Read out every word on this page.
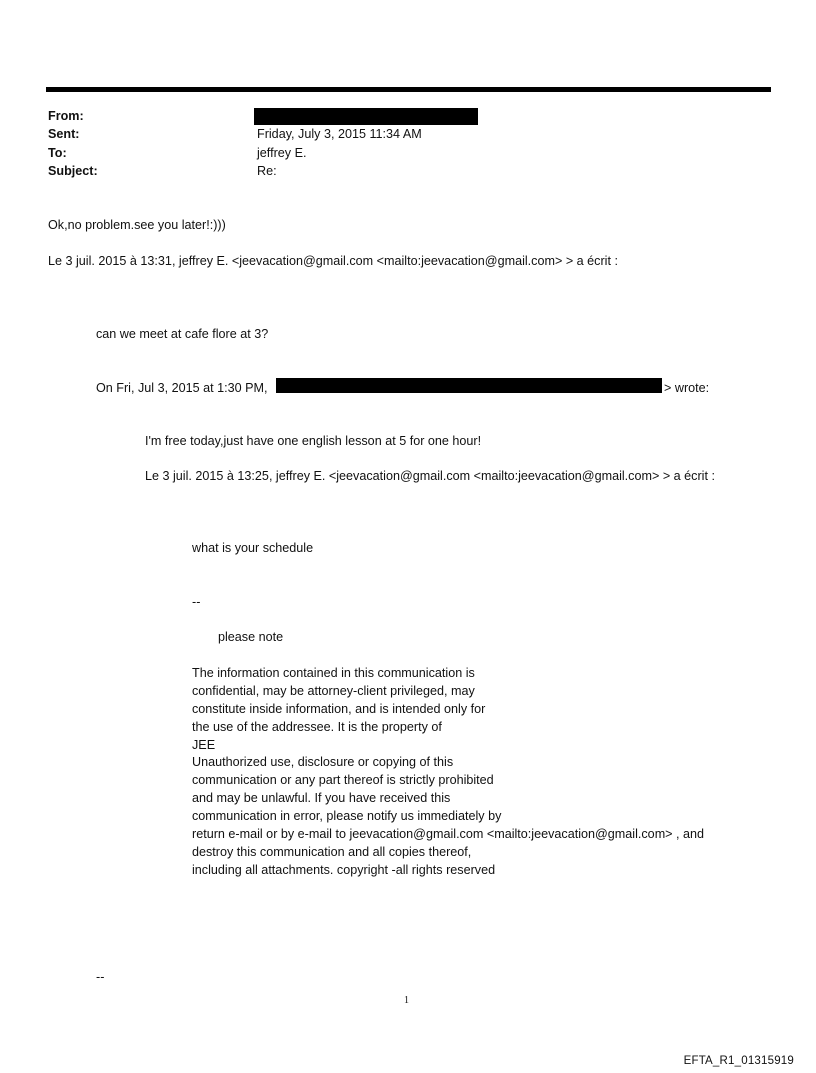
From:
Sent:	Friday, July 3, 2015 11:34 AM
To:	jeffrey E.
Subject:	Re:
Ok,no problem.see you later!:)))
Le 3 juil. 2015 à 13:31, jeffrey E. <jeevacation@gmail.com <mailto:jeevacation@gmail.com> > a écrit :
can we meet at cafe flore at 3?
On Fri, Jul 3, 2015 at 1:30 PM,	> wrote:
I'm free today,just have one english lesson at 5 for one hour!
Le 3 juil. 2015 à 13:25, jeffrey E. <jeevacation@gmail.com <mailto:jeevacation@gmail.com> > a écrit :
what is your schedule
--
please note
The information contained in this communication is
confidential, may be attorney-client privileged, may
constitute inside information, and is intended only for
the use of the addressee. It is the property of
JEE
Unauthorized use, disclosure or copying of this
communication or any part thereof is strictly prohibited
and may be unlawful. If you have received this
communication in error, please notify us immediately by
return e-mail or by e-mail to jeevacation@gmail.com <mailto:jeevacation@gmail.com> , and
destroy this communication and all copies thereof,
including all attachments. copyright -all rights reserved
--
1
EFTA_R1_01315919
